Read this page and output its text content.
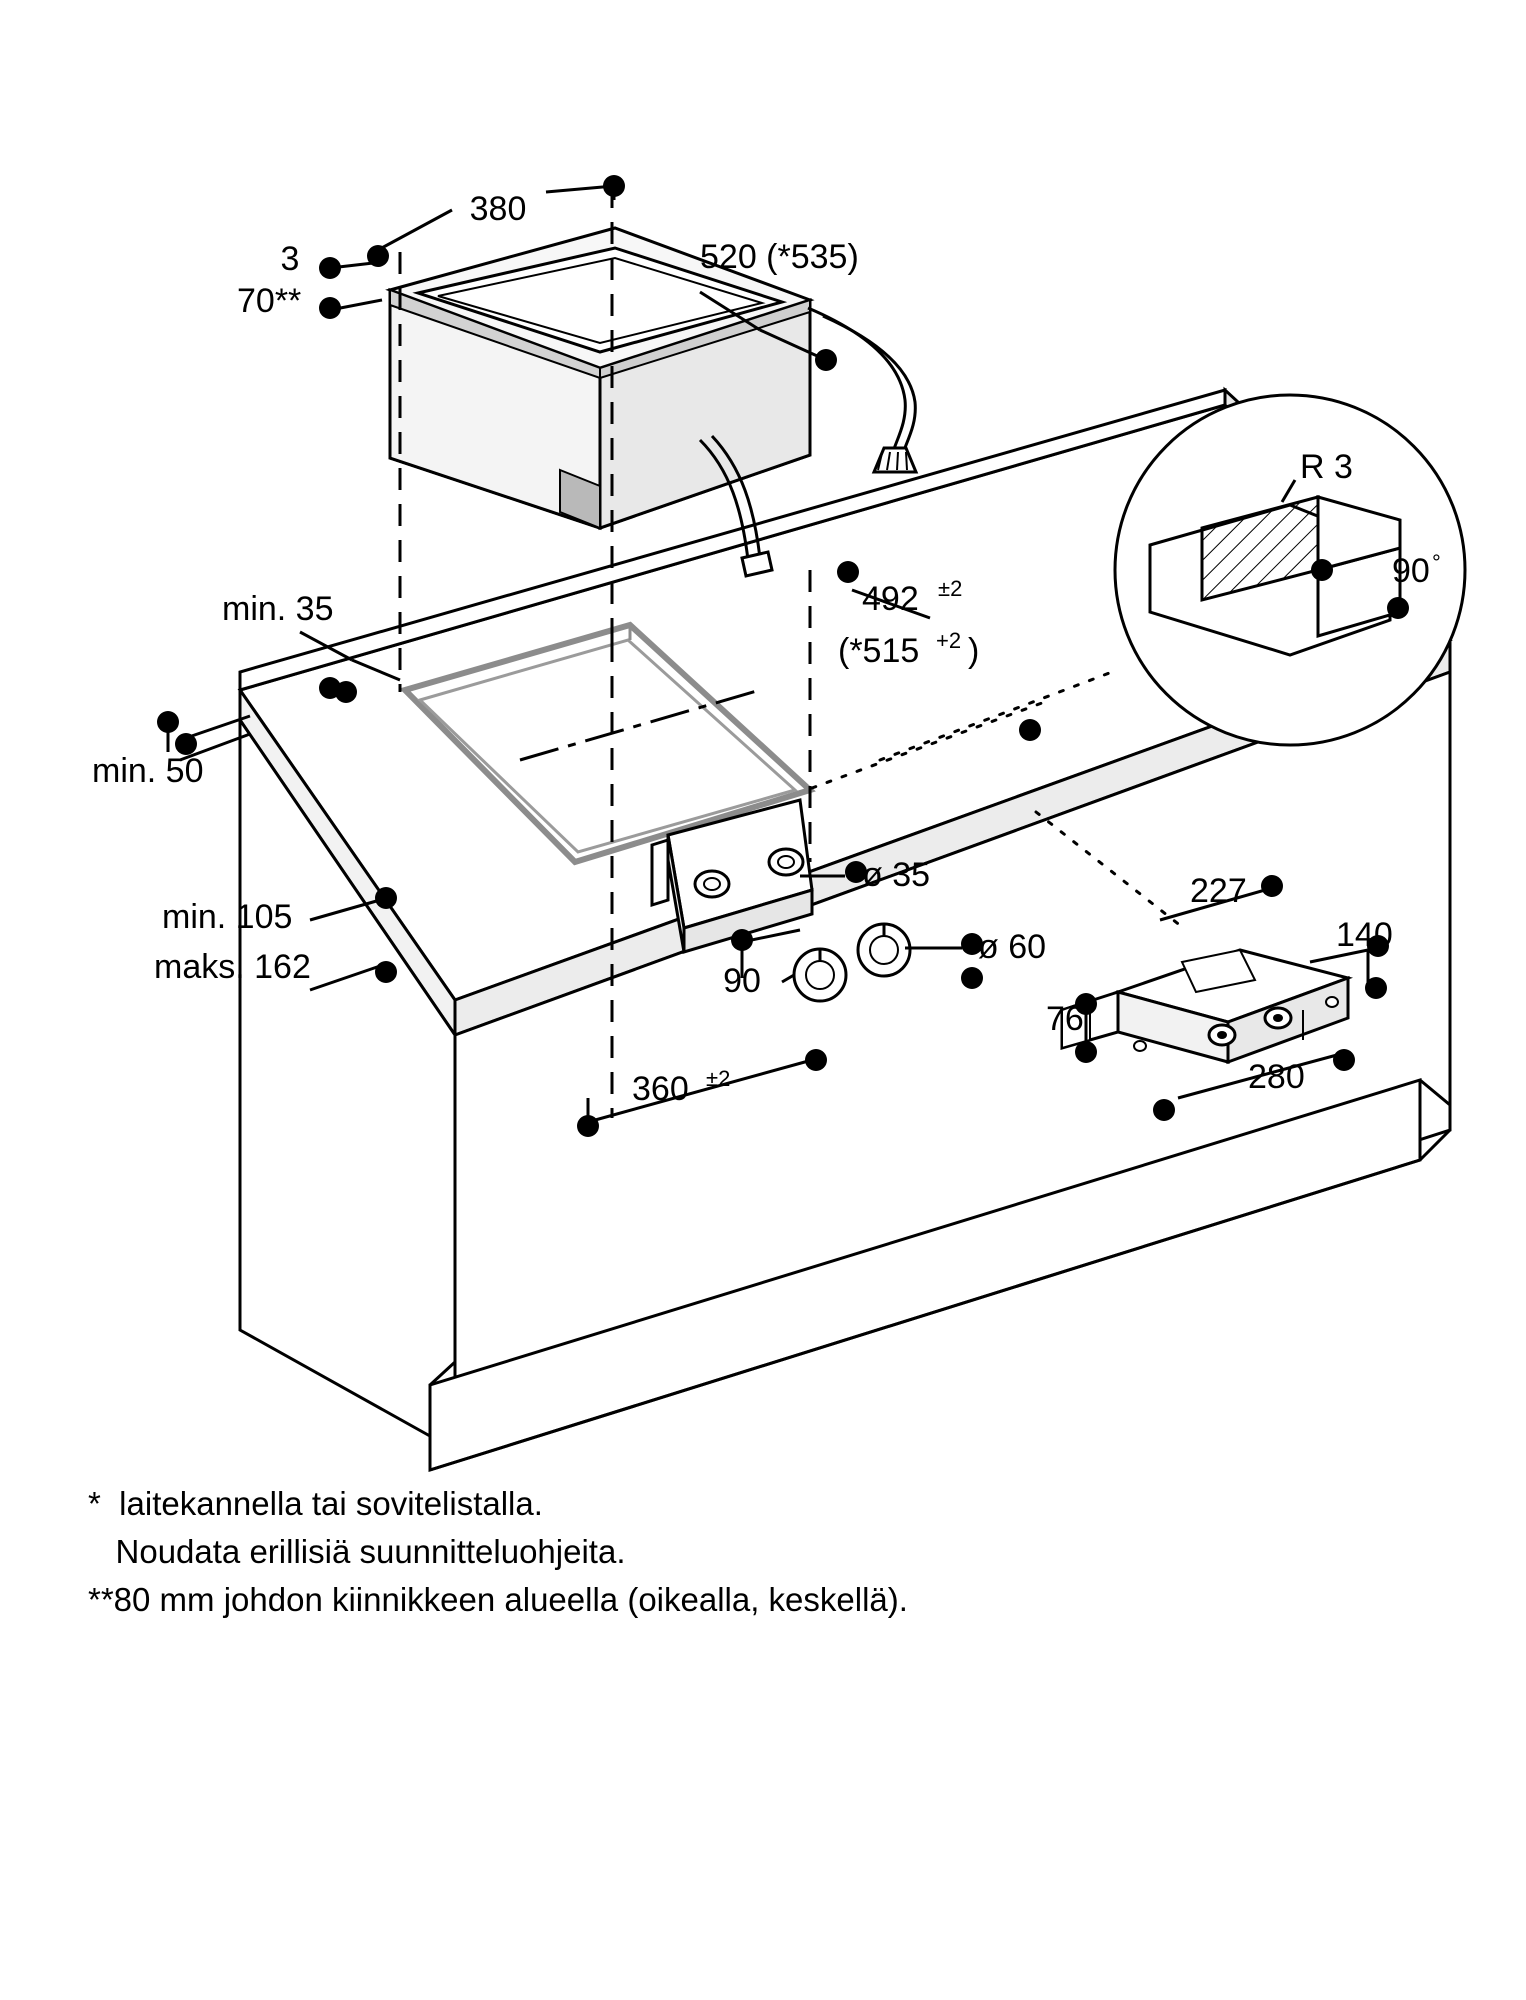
380
3
70**
520 (*535)
min. 35	492 ±2
(*515 +2 )
min. 50
min. 105
maks. 162
ø 35
ø 60
90
360 ±2
227
140
76
280
R 3
90 °
*  laitekannella tai sovitelistalla.
Noudata erillisiä suunnitteluohjeita.
**80 mm johdon kiinnikkeen alueella (oikealla, keskellä).
